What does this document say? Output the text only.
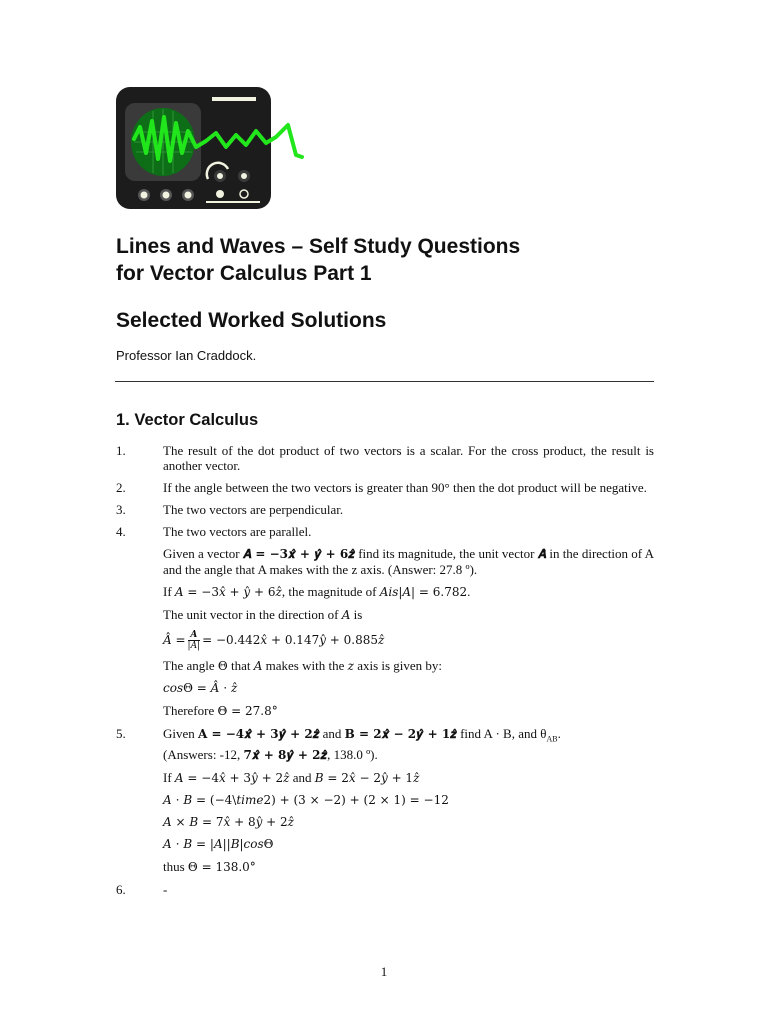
Lines and Waves – Self Study Questions
for Vector Calculus Part 1
Selected Worked Solutions
Professor Ian Craddock.
1. Vector Calculus
1.	The result of the dot product of two vectors is a scalar. For the cross product, the result is another vector.
2.	If the angle between the two vectors is greater than 90° then the dot product will be negative.
3.	The two vectors are perpendicular.
4.	The two vectors are parallel.
Given a vector 𝑨 = −3𝒙̂ + 𝒚̂ + 6𝒛̂ find its magnitude, the unit vector 𝑨̂ in the direction of A and the angle that A makes with the z axis. (Answer: 27.8 º).
If 𝐴 = −3𝑥̂ + 𝑦̂ + 6𝑧̂, the magnitude of 𝐴𝑖𝑠|𝐴| = 6.782.
The unit vector in the direction of 𝐴 is
𝐴̂ = $\frac{\text{𝑨}}{\text{|𝐴|}}$ = −0.442𝑥̂ + 0.147𝑦̂ + 0.885𝑧̂
The angle Θ that 𝐴 makes with the 𝑧 axis is given by:
𝑐𝑜𝑠Θ = 𝐴̂ ⋅ 𝑧̂
Therefore Θ = 27.8°
5.	Given A = −4𝒙̂ + 3𝒚̂ + 2𝒛̂ and B = 2𝒙̂ − 2𝒚̂ + 1𝒛̂ find A · B, and $\theta_{AB}$.
(Answers: -12, 7𝒙̂ + 8𝒚̂ + 2𝒛̂, 138.0 º).
If 𝐴 = −4𝑥̂ + 3𝑦̂ + 2𝑧̂ and 𝐵 = 2𝑥̂ − 2𝑦̂ + 1𝑧̂
𝐴 ⋅ 𝐵 = (−4\𝑡𝑖𝑚𝑒2) + (3 × −2) + (2 × 1) = −12
𝐴 × 𝐵 = 7𝑥̂ + 8𝑦̂ + 2𝑧̂
𝐴 ⋅ 𝐵 = |𝐴||𝐵|𝑐𝑜𝑠Θ
thus Θ = 138.0°
6.	-
1
